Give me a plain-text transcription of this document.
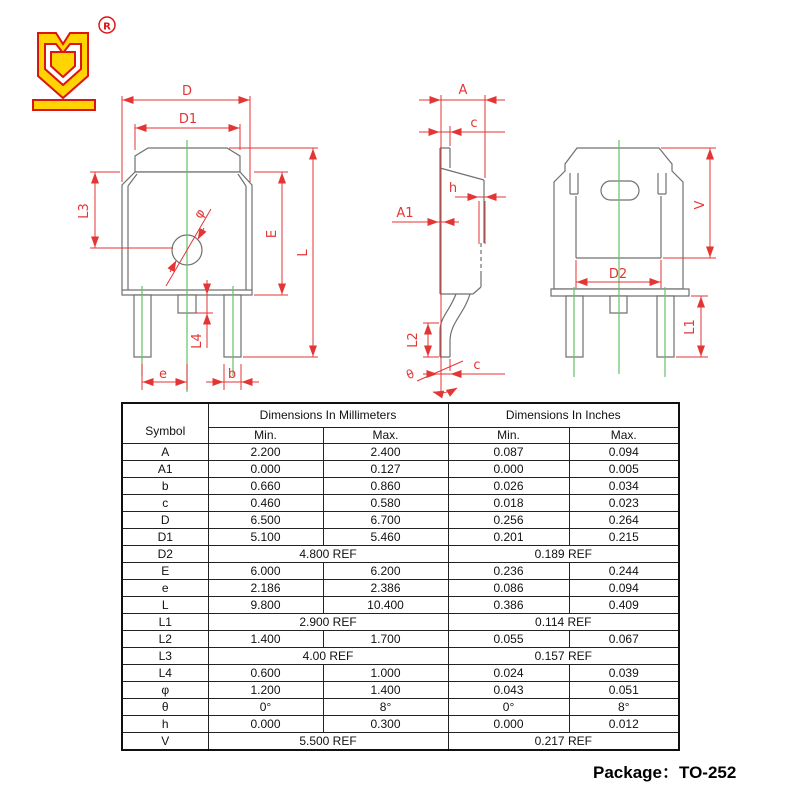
R
D
D1
L3
E
L
φ
L4
e	b
A
c
h
A1
L2
θ
c
V
D2
L1
Symbol	Dimensions In Millimeters		Dimensions In Inches	
	Min.	Max.	Min.	Max.
A	2.200	2.400	0.087	0.094
A1	0.000	0.127	0.000	0.005
b	0.660	0.860	0.026	0.034
c	0.460	0.580	0.018	0.023
D	6.500	6.700	0.256	0.264
D1	5.100	5.460	0.201	0.215
D2	4.800 REF		0.189 REF	
E	6.000	6.200	0.236	0.244
e	2.186	2.386	0.086	0.094
L	9.800	10.400	0.386	0.409
L1	2.900 REF		0.114 REF	
L2	1.400	1.700	0.055	0.067
L3	4.00 REF		0.157 REF	
L4	0.600	1.000	0.024	0.039
φ	1.200	1.400	0.043	0.051
θ	0°	8°	0°	8°
h	0.000	0.300	0.000	0.012
V	5.500 REF		0.217 REF	
Package：TO-252
